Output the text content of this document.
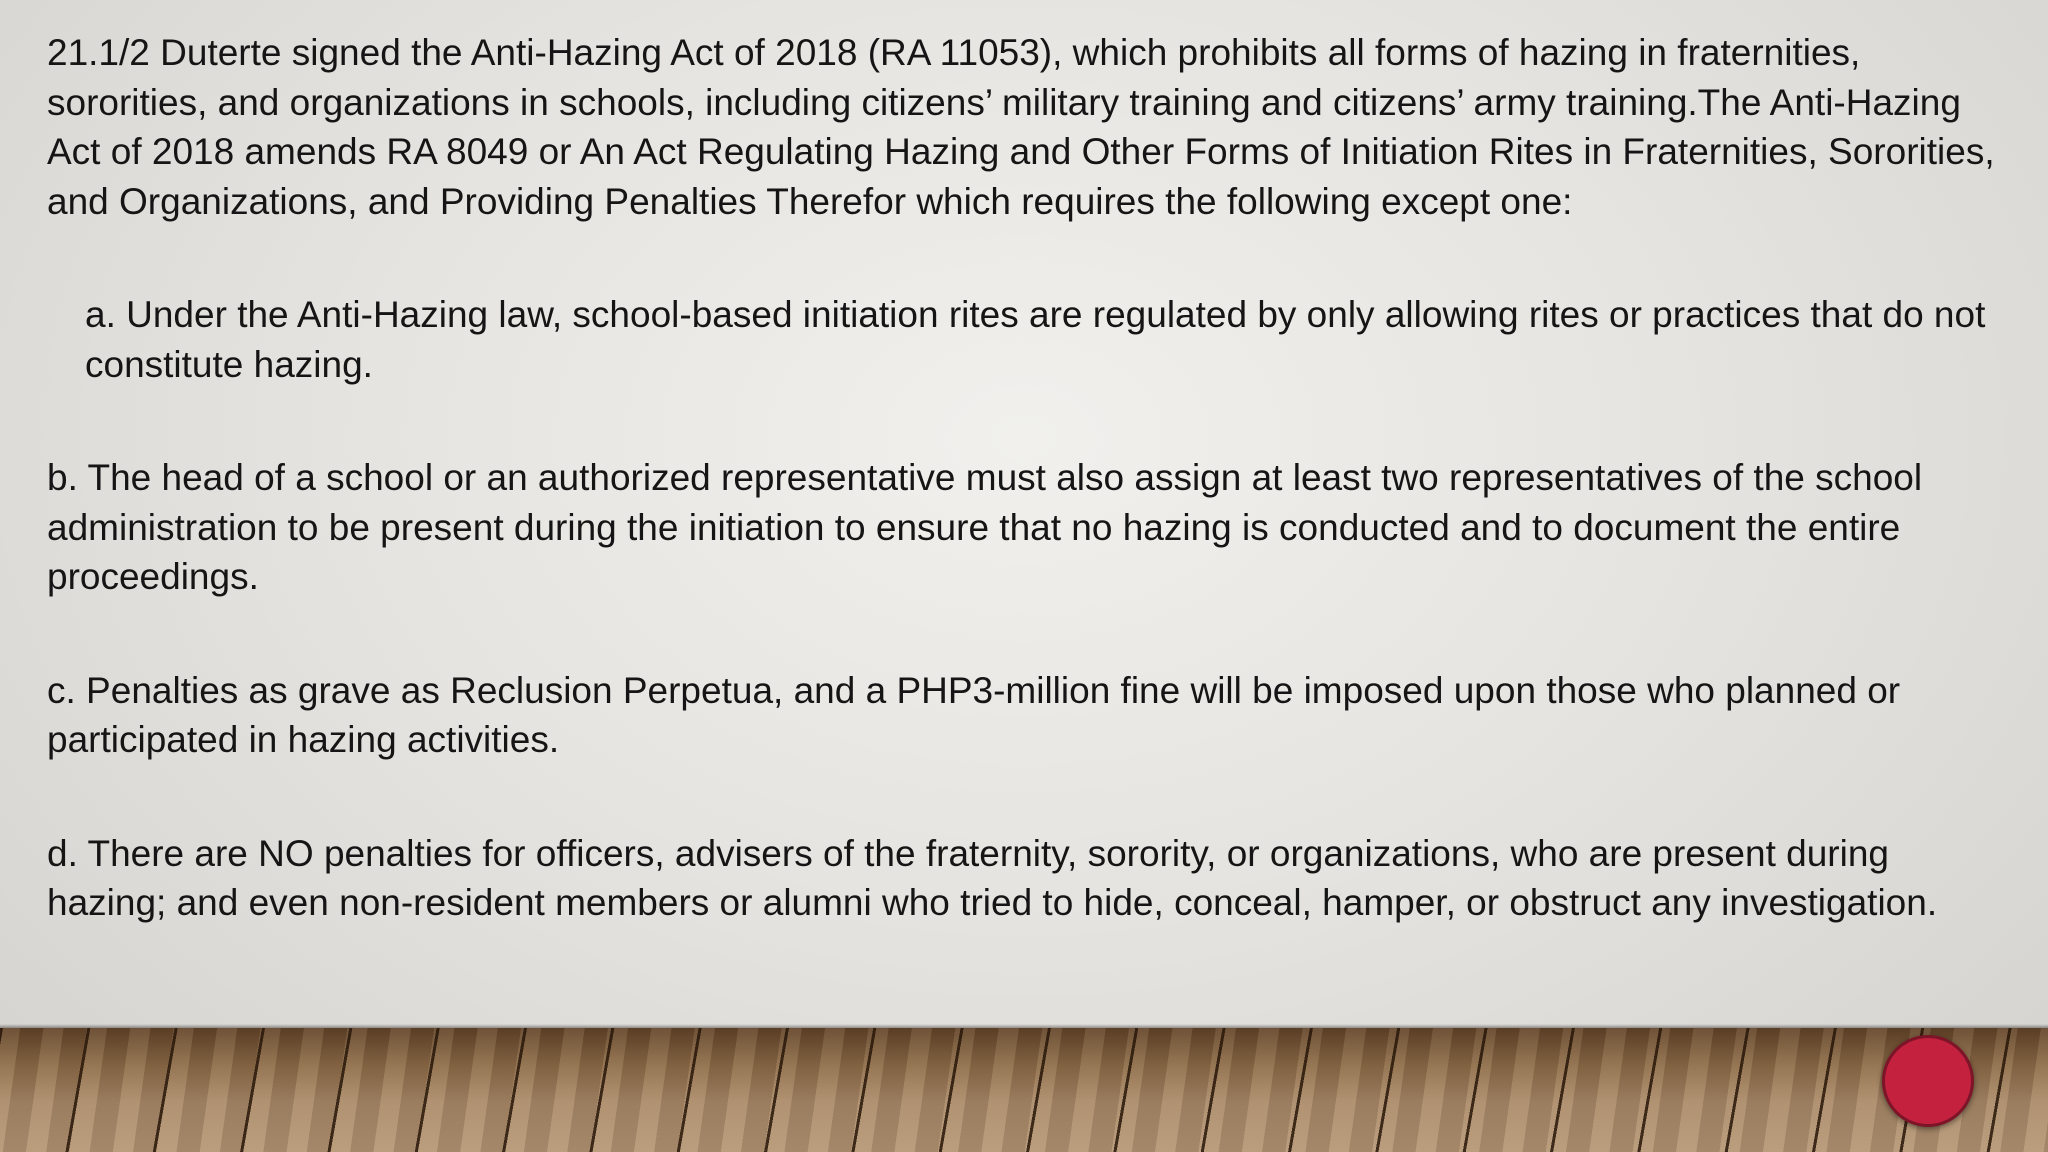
21.1/2 Duterte signed the Anti-Hazing Act of 2018 (RA 11053), which prohibits all forms of hazing in fraternities, sororities, and organizations in schools, including citizens’ military training and citizens’ army training.The Anti-Hazing Act of 2018 amends RA 8049 or An Act Regulating Hazing and Other Forms of Initiation Rites in Fraternities, Sororities, and Organizations, and Providing Penalties Therefor which requires the following except one:

a. Under the Anti-Hazing law, school-based initiation rites are regulated by only allowing rites or practices that do not constitute hazing.

b. The head of a school or an authorized representative must also assign at least two representatives of the school administration to be present during the initiation to ensure that no hazing is conducted and to document the entire proceedings.

c. Penalties as grave as Reclusion Perpetua, and a PHP3-million fine will be imposed upon those who planned or participated in hazing activities.

d. There are NO penalties for officers, advisers of the fraternity, sorority, or organizations, who are present during hazing; and even non-resident members or alumni who tried to hide, conceal, hamper, or obstruct any investigation.
